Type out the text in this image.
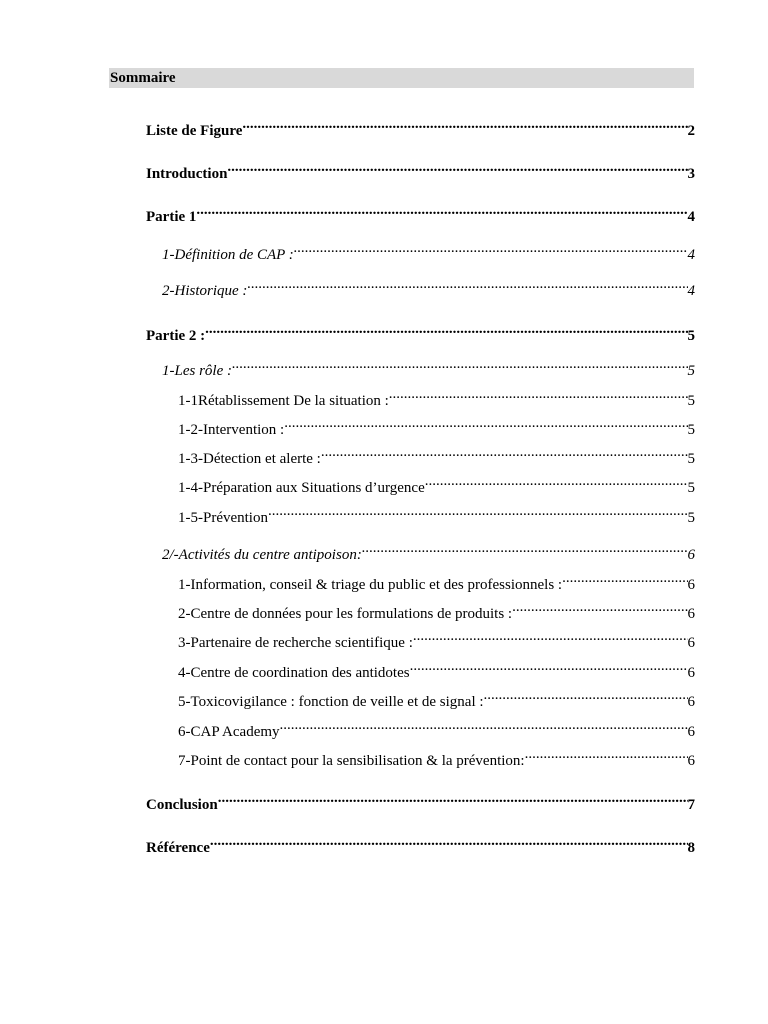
Sommaire
Liste de Figure .....	2
Introduction .....	3
Partie 1 .....	4
1-Définition de CAP : .....	4
2-Historique : .....	4
Partie 2 : .....	5
1-Les rôle : .....	5
1-1Rétablissement De la situation : .....	5
1-2-Intervention : .....	5
1-3-Détection et alerte : .....	5
1-4-Préparation aux Situations d’urgence .....	5
1-5-Prévention .....	5
2/-Activités du centre antipoison: .....	6
1-Information, conseil & triage du public et des professionnels : .....	6
2-Centre de données pour les formulations de produits : .....	6
3-Partenaire de recherche scientifique : .....	6
4-Centre de coordination des antidotes .....	6
5-Toxicovigilance : fonction de veille et de signal : .....	6
6-CAP Academy .....	6
7-Point de contact pour la sensibilisation & la prévention: .....	6
Conclusion .....	7
Référence .....	8
